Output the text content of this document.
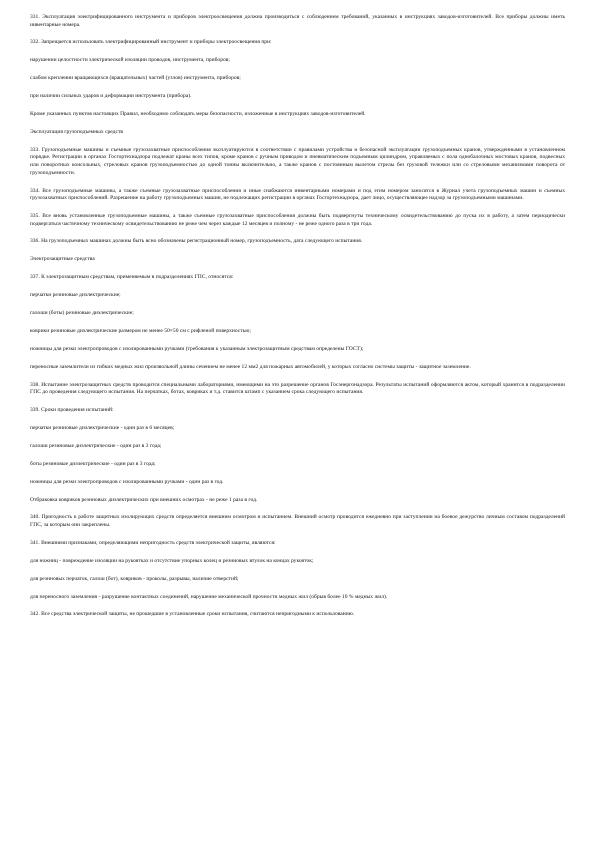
331. Эксплуатация электрифицированного инструмента и приборов электроосвещения должна производиться с соблюдением требований, указанных в инструкциях заводов-изготовителей. Все приборы должны иметь инвентарные номера.

332. Запрещается использовать электрифицированный инструмент и приборы электроосвещения при:

нарушении целостности электрической изоляции проводов, инструмента, приборов;

слабом креплении вращающихся (вращательных) частей (узлов) инструмента, приборов;

при наличии сильных ударов и деформации инструмента (прибора).

Кроме указанных пунктов настоящих Правил, необходимо соблюдать меры безопасности, изложенные в инструкциях заводов-изготовителей.

Эксплуатация грузоподъемных средств

333. Грузоподъемные машины и съемные грузозахватные приспособления эксплуатируются в соответствии с правилами устройства и безопасной эксплуатации грузоподъемных кранов, утвержденными в установленном порядке. Регистрации в органах Госгортехнадзора подлежат краны всех типов, кроме кранов с ручным приводом и пневматическим подъемным цилиндром, управляемых с пола однобалочных мостовых кранов, подвесных или поворотных консольных, стреловых кранов грузоподъемностью до одной тонны включительно, а также кранов с постоянным вылетом стрелы без грузовой тележки или со стреловыми механизмами поворота от грузоподъемности.

334. Все грузоподъемные машины, а также съемные грузозахватные приспособления и иные снабжаются инвентарными номерами и под этим номером заносятся в Журнал учета грузоподъемных машин и съемных грузозахватных приспособлений. Разрешение на работу грузоподъемных машин, не подлежащих регистрации в органах Госгортехнадзора, дает лицо, осуществляющее надзор за грузоподъемными машинами.

335. Все вновь установленные грузоподъемные машины, а также съемные грузозахватные приспособления должны быть подвергнуты техническому освидетельствованию до пуска их в работу, а затем периодически подвергаться частичному техническому освидетельствованию не реже чем через каждые 12 месяцев и полному - не реже одного раза в три года.

336. На грузоподъемных машинах должны быть ясно обозначены регистрационный номер, грузоподъемность, дата следующего испытания.

Электрозащитные средства

337. К электрозащитным средствам, применяемым в подразделениях ГПС, относятся:

перчатки резиновые диэлектрические;

галоши (боты) резиновые диэлектрические;

коврики резиновые диэлектрические размером не менее 50×50 см с рифленой поверхностью;

ножницы для резки электропроводов с изолированными ручками (требования к указанным электрозащитным средствам определены ГОСТ);

переносные заземлители из гибких медных жил произвольной длины сечением не менее 12 мм2 для пожарных автомобилей, у которых согласно системы защиты - защитное заземление.

338. Испытание электрозащитных средств проводится специальными лабораториями, имеющими на это разрешение органов Госэнергонадзора. Результаты испытаний оформляются актом, который хранится в подразделении ГПС до проведения следующего испытания. На перчатках, ботах, ковриках и т.д. ставится штамп с указанием срока следующего испытания.

339. Сроки проведения испытаний:

перчатки резиновые диэлектрические - один раз в 6 месяцев;

галоши резиновые диэлектрические - один раз в 3 года;

боты резиновые диэлектрические - один раз в 3 года;

ножницы для резки электропроводов с изолированными ручками - один раз в год.

Отбраковка ковриков резиновых диэлектрических при внешних осмотрах - не реже 1 раза в год.

340. Пригодность к работе защитных изолирующих средств определяется внешним осмотром и испытанием. Внешний осмотр проводится ежедневно при заступлении на боевое дежурство личным составом подразделений ГПС, за которым они закреплены.

341. Внешними признаками, определяющими непригодность средств электрической защиты, являются:

для ножниц - повреждение изоляции на рукоятках и отсутствие упорных колец и резиновых втулок на концах рукояток;

для резиновых перчаток, галош (бот), ковриков - проколы, разрывы, наличие отверстий;

для переносного заземления - разрушение контактных соединений, нарушение механической прочности медных жил (обрыв более 10 % медных жил).

342. Все средства электрической защиты, не прошедшие в установленные сроки испытания, считаются непригодными к использованию.
